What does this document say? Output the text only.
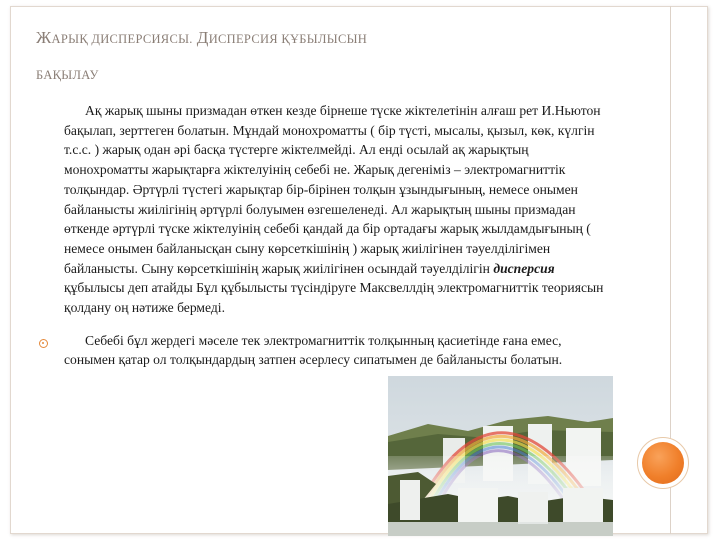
ЖАРЫҚ ДИСПЕРСИЯСЫ. ДИСПЕРСИЯ ҚҰБЫЛЫСЫН
БАҚЫЛАУ

Ақ жарық шыны призмадан өткен кезде бірнеше түске жіктелетінін алғаш рет И.Ньютон бақылап, зерттеген болатын. Мұндай монохроматты ( бір түсті, мысалы, қызыл, көк, күлгін т.с.с. ) жарық одан әрі басқа түстерге жіктелмейді. Ал енді осылай ақ жарықтың монохроматты жарықтарға жіктелуінің себебі не. Жарық дегеніміз – электромагниттік толқындар. Әртүрлі түстегі жарықтар бір-бірінен толқын ұзындығының, немесе онымен байланысты жиілігінің әртүрлі болуымен өзгешеленеді. Ал жарықтың шыны призмадан өткенде әртүрлі түске жіктелуінің себебі қандай да бір ортадағы жарық жылдамдығының ( немесе онымен байланысқан сыну көрсеткішінің ) жарық жиілігінен тәуелділігімен байланысты. Сыну көрсеткішінің жарық жиілігінен осындай тәуелділігін дисперсия құбылысы деп атайды Бұл құбылысты түсіндіруге Максвеллдің электромагниттік теориясын қолдану оң нәтиже бермеді.

Себебі бұл жердегі мәселе тек электромагниттік толқынның қасиетінде ғана емес, сонымен қатар ол толқындардың затпен әсерлесу сипатымен де байланысты болатын.
